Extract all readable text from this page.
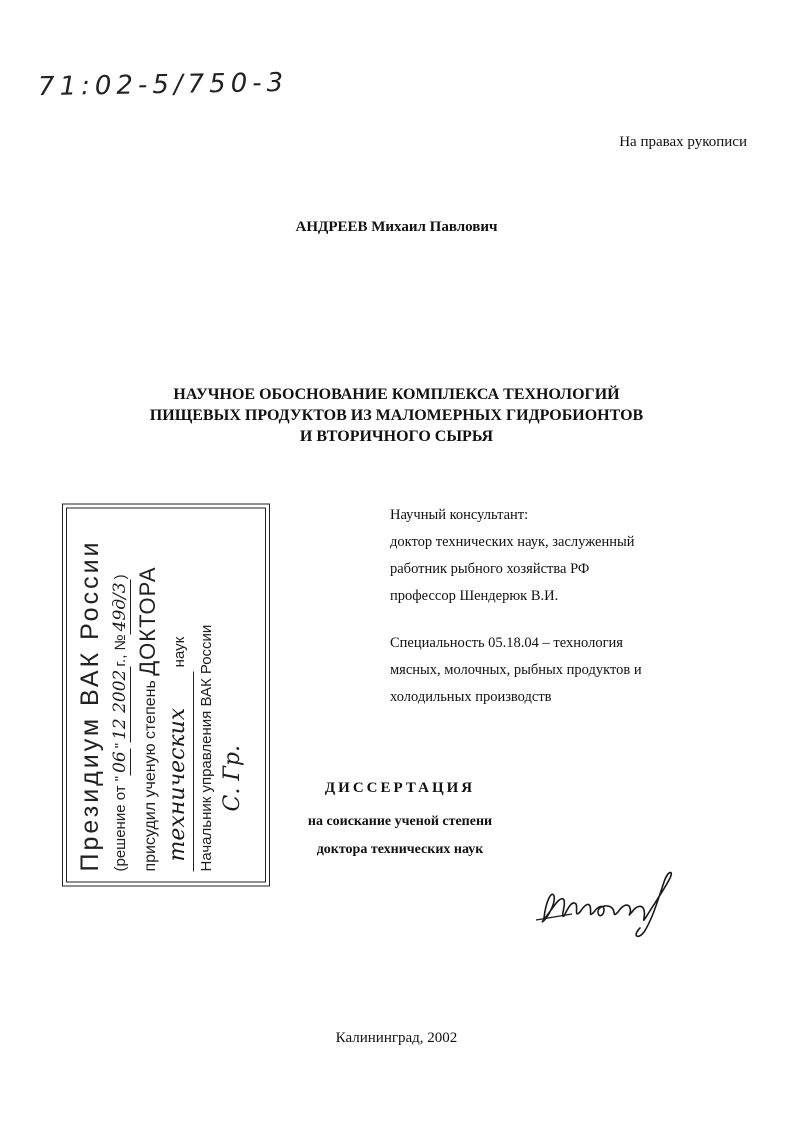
71:02-5/750-3
На правах рукописи
АНДРЕЕВ Михаил Павлович
НАУЧНОЕ ОБОСНОВАНИЕ КОМПЛЕКСА ТЕХНОЛОГИЙ
ПИЩЕВЫХ ПРОДУКТОВ ИЗ МАЛОМЕРНЫХ ГИДРОБИОНТОВ
И ВТОРИЧНОГО СЫРЬЯ
Научный консультант:
доктор технических наук, заслуженный
работник рыбного хозяйства РФ
профессор Шендерюк В.И.
Специальность 05.18.04 – технология
мясных, молочных, рыбных продуктов и
холодильных производств
Президиум ВАК России (решение от "06"12 2002г., №49д/3)
присудил ученую степень ДОКТОРА
технических наук Начальник управления ВАК России С. Гр.	ДИССЕРТАЦИЯ
на соискание ученой степени
доктора технических наук
Калининград, 2002
